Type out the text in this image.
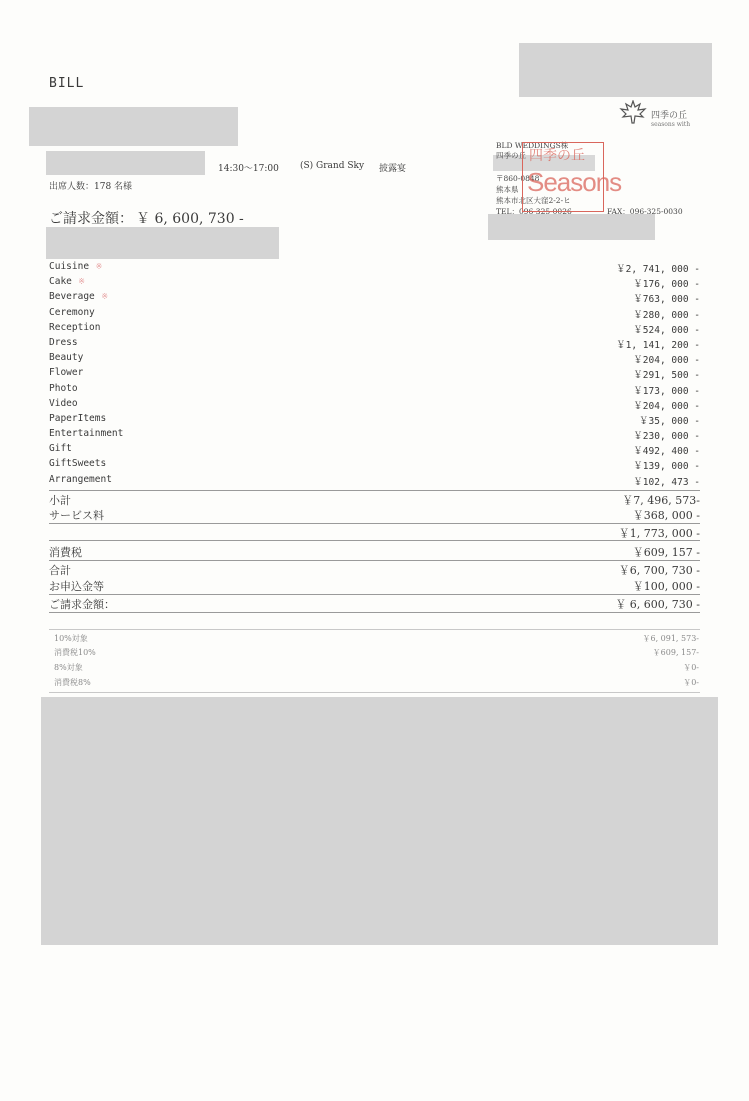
BILL
14:30〜17:00 (S) Grand Sky 披露宴
出席人数：178 名様
ご請求金額： ￥ 6, 600, 730 -
四季の丘
seasons with
BLD WEDDINGS株
四季の丘
〒860-0848
熊本県
熊本市北区大窪2-2-ヒ
TEL：096-325-0026	FAX：096-325-0030
四季の丘
Seasons
Cuisine ※	￥2, 741, 000 -
Cake ※	￥176, 000 -
Beverage ※	￥763, 000 -
Ceremony	￥280, 000 -
Reception	￥524, 000 -
Dress	￥1, 141, 200 -
Beauty	￥204, 000 -
Flower	￥291, 500 -
Photo	￥173, 000 -
Video	￥204, 000 -
PaperItems	￥35, 000 -
Entertainment	￥230, 000 -
Gift	￥492, 400 -
GiftSweets	￥139, 000 -
Arrangement	￥102, 473 -
小計	￥7, 496, 573-
サービス料	￥368, 000 -
￥1, 773, 000 -
消費税	￥609, 157 -
合計	￥6, 700, 730 -
お申込金等	￥100, 000 -
ご請求金額：	￥ 6, 600, 730 -
10%対象	￥6, 091, 573-
消費税10%	￥609, 157-
8%対象	￥0-
消費税8%	￥0-
